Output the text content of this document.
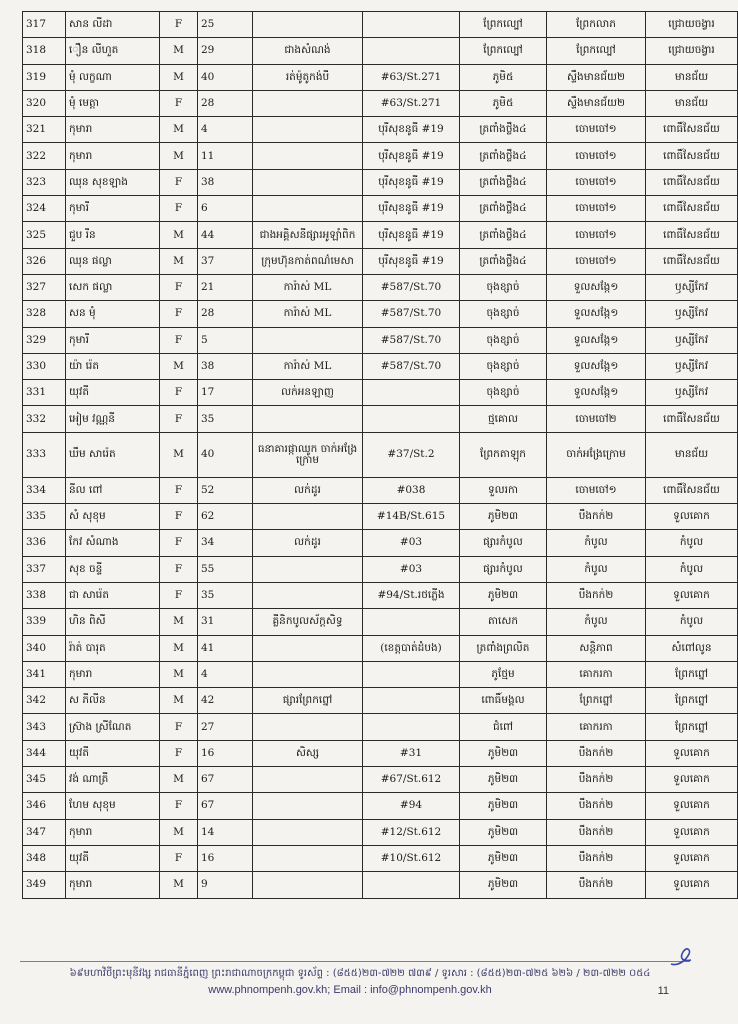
317	សាន លីដា	F	25			ព្រែកល្បៅ	ព្រែកលាភ	ជ្រោយចង្វារ
318	ឿន លីហួត	M	29	ជាងសំណង់		ព្រែកល្បៅ	ព្រែកល្បៅ	ជ្រោយចង្វារ
319	មុំ លក្ខណា	M	40	រត់ម៉ូតូកង់បី	#63/St.271	ភូមិ៥	ស្ទឹងមានជ័យ២	មានជ័យ
320	មុំ មេត្តា	F	28		#63/St.271	ភូមិ៥	ស្ទឹងមានជ័យ២	មានជ័យ
321	កុមារា	M	4		បុរីសុខនូធី #19	ត្រពាំងថ្លឹង៤	ចោមចៅ១	ពោធិ៍សែនជ័យ
322	កុមារា	M	11		បុរីសុខនូធី #19	ត្រពាំងថ្លឹង៤	ចោមចៅ១	ពោធិ៍សែនជ័យ
323	ឈុន សុខឡាង	F	38		បុរីសុខនូធី #19	ត្រពាំងថ្លឹង៤	ចោមចៅ១	ពោធិ៍សែនជ័យ
324	កុមារី	F	6		បុរីសុខនូធី #19	ត្រពាំងថ្លឹង៤	ចោមចៅ១	ពោធិ៍សែនជ័យ
325	ជួប រីន	M	44	ជាងអគ្គិសនីផ្សារអូឡាំពិក	បុរីសុខនូធី #19	ត្រពាំងថ្លឹង៤	ចោមចៅ១	ពោធិ៍សែនជ័យ
326	ឈុន ផល្លា	M	37	ក្រុមហ៊ុនកាត់ពណ៌មេសា	បុរីសុខនូធី #19	ត្រពាំងថ្លឹង៤	ចោមចៅ១	ពោធិ៍សែនជ័យ
327	សេក ផល្លា	F	21	ការ៉ាស់ ML	#587/St.70	ចុងខ្សាច់	ទួលសង្កែ១	ឫស្សីកែវ
328	សន មុំ	F	28	ការ៉ាស់ ML	#587/St.70	ចុងខ្សាច់	ទួលសង្កែ១	ឫស្សីកែវ
329	កុមារី	F	5		#587/St.70	ចុងខ្សាច់	ទួលសង្កែ១	ឫស្សីកែវ
330	យ៉ា រ៉េត	M	38	ការ៉ាស់ ML	#587/St.70	ចុងខ្សាច់	ទួលសង្កែ១	ឫស្សីកែវ
331	យុវតី	F	17	លក់អនឡាញ		ចុងខ្សាច់	ទួលសង្កែ១	ឫស្សីកែវ
332	អៀម វណ្ណនី	F	35			ថ្មគោល	ចោមចៅ២	ពោធិ៍សែនជ័យ
333	ឃឹម សារ៉េត	M	40	ធនាគារផ្កាឈូក ចាក់អង្រែក្រោម	#37/St.2	ព្រែកតាឡុក	ចាក់អង្រែក្រោម	មានជ័យ
334	នីល ពៅ	F	52	លក់ដូរ	#038	ទួលរកា	ចោមចៅ១	ពោធិ៍សែនជ័យ
335	សំ សុខុម	F	62		#14B/St.615	ភូមិ២៣	បឹងកក់២	ទួលគោក
336	កែវ សំណាង	F	34	លក់ដូរ	#03	ផ្សារកំបូល	កំបូល	កំបូល
337	សុខ ចន្ទី	F	55		#03	ផ្សារកំបូល	កំបូល	កំបូល
338	ជា សារ៉េត	F	35		#94/St.រថភ្លើង	ភូមិ២៣	បឹងកក់២	ទួលគោក
339	ហិន ពិសី	M	31	គ្លីនិកបូលស័ក្ដសិទ្ធ		តាសេក	កំបូល	កំបូល
340	រ៉ាត់ បារុត	M	41		(ខេត្តបាត់ដំបង)	ត្រពាំងព្រលិត	សន្តិភាព	សំពៅលូន
341	កុមារា	M	4			ភូថ្មែម	គោករកា	ព្រែកព្នៅ
342	ស ភីលីន	M	42	ផ្សារព្រែកព្នៅ		ពោធិ៍មង្គល	ព្រែកព្នៅ	ព្រែកព្នៅ
343	ស្រ៊ាង ស្រីណែត	F	27			ជំពៅ	គោករកា	ព្រែកព្នៅ
344	យុវតី	F	16	សិស្ស	#31	ភូមិ២៣	បឹងកក់២	ទួលគោក
345	វង់ ណាត្រី	M	67		#67/St.612	ភូមិ២៣	បឹងកក់២	ទួលគោក
346	ហែម សុខុម	F	67		#94	ភូមិ២៣	បឹងកក់២	ទួលគោក
347	កុមារា	M	14		#12/St.612	ភូមិ២៣	បឹងកក់២	ទួលគោក
348	យុវតី	F	16		#10/St.612	ភូមិ២៣	បឹងកក់២	ទួលគោក
349	កុមារា	M	9			ភូមិ២៣	បឹងកក់២	ទួលគោក
៦៩មហាវិថីព្រះមុនីវង្ស រាជធានីភ្នំពេញ ព្រះរាជាណាចក្រកម្ពុជា ទូរស័ព្ទ : (៨៥៥)២៣-៧២២ ៧៣៩ / ទូរសារ : (៨៥៥)២៣-៧២៥ ៦២៦ / ២៣-៧២២ ០៥៤
www.phnompenh.gov.kh; Email : info@phnompenh.gov.kh	11
